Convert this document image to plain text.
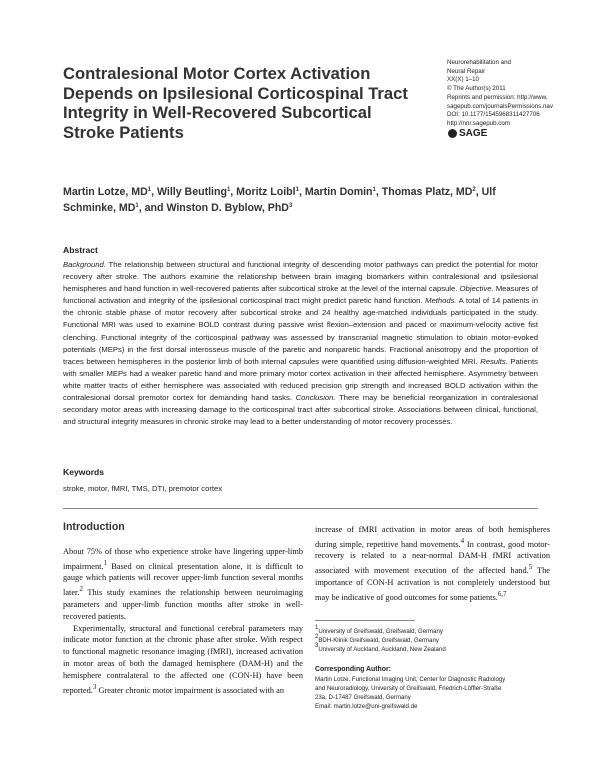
Contralesional Motor Cortex Activation Depends on Ipsilesional Corticospinal Tract Integrity in Well-Recovered Subcortical Stroke Patients
Neurorehabilitation and
Neural Repair
XX(X) 1–10
© The Author(s) 2011
Reprints and permission: http://www.
sagepub.com/journalsPermissions.nav
DOI: 10.1177/1545968311427706
http://nnr.sagepub.com
SAGE
Martin Lotze, $MD^1$, Willy Beutling$^1$, Moritz Loibl$^1$, Martin Domin$^1$, Thomas Platz, $MD^2$, Ulf Schminke, $MD^1$, and Winston D. Byblow, PhD$^3$
Abstract
Background. The relationship between structural and functional integrity of descending motor pathways can predict the potential for motor recovery after stroke. The authors examine the relationship between brain imaging biomarkers within contralesional and ipsilesional hemispheres and hand function in well-recovered patients after subcortical stroke at the level of the internal capsule. Objective. Measures of functional activation and integrity of the ipsilesional corticospinal tract might predict paretic hand function. Methods. A total of 14 patients in the chronic stable phase of motor recovery after subcortical stroke and 24 healthy age-matched individuals participated in the study. Functional MRI was used to examine BOLD contrast during passive wrist flexion–extension and paced or maximum-velocity active fist clenching. Functional integrity of the corticospinal pathway was assessed by transcranial magnetic stimulation to obtain motor-evoked potentials (MEPs) in the first dorsal interosseus muscle of the paretic and nonparetic hands. Fractional anisotropy and the proportion of traces between hemispheres in the posterior limb of both internal capsules were quantified using diffusion-weighted MRI. Results. Patients with smaller MEPs had a weaker paretic hand and more primary motor cortex activation in their affected hemisphere. Asymmetry between white matter tracts of either hemisphere was associated with reduced precision grip strength and increased BOLD activation within the contralesional dorsal premotor cortex for demanding hand tasks. Conclusion. There may be beneficial reorganization in contralesional secondary motor areas with increasing damage to the corticospinal tract after subcortical stroke. Associations between clinical, functional, and structural integrity measures in chronic stroke may lead to a better understanding of motor recovery processes.
Keywords
stroke, motor, fMRI, TMS, DTI, premotor cortex
Introduction

About 75% of those who experience stroke have lingering upper-limb impairment.$^1$ Based on clinical presentation alone, it is difficult to gauge which patients will recover upper-limb function several months later.$^2$ This study examines the relationship between neuroimaging parameters and upper-limb function months after stroke in well-recovered patients.

Experimentally, structural and functional cerebral parameters may indicate motor function at the chronic phase after stroke. With respect to functional magnetic resonance imaging (fMRI), increased activation in motor areas of both the damaged hemisphere (DAM-H) and the hemisphere contralateral to the affected one (CON-H) have been reported.$^3$ Greater chronic motor impairment is associated with an

increase of fMRI activation in motor areas of both hemispheres during simple, repetitive hand movements.$^4$ In contrast, good motor-recovery is related to a near-normal DAM-H fMRI activation associated with movement execution of the affected hand.$^5$ The importance of CON-H activation is not completely understood but may be indicative of good outcomes for some patients.$^{6,7}$

$^1$University of Greifswald, Greifswald, Germany
$^2$BDH-Klinik Greifswald, Greifswald, Germany
$^3$University of Auckland, Auckland, New Zealand
Corresponding Author:
Martin Lotze, Functional Imaging Unit, Center for Diagnostic Radiology
and Neuroradiology, University of Greifswald, Friedrich-Löffler-Straße
23a, D-17487 Greifswald, Germany
Email: martin.lotze@uni-greifswald.de
